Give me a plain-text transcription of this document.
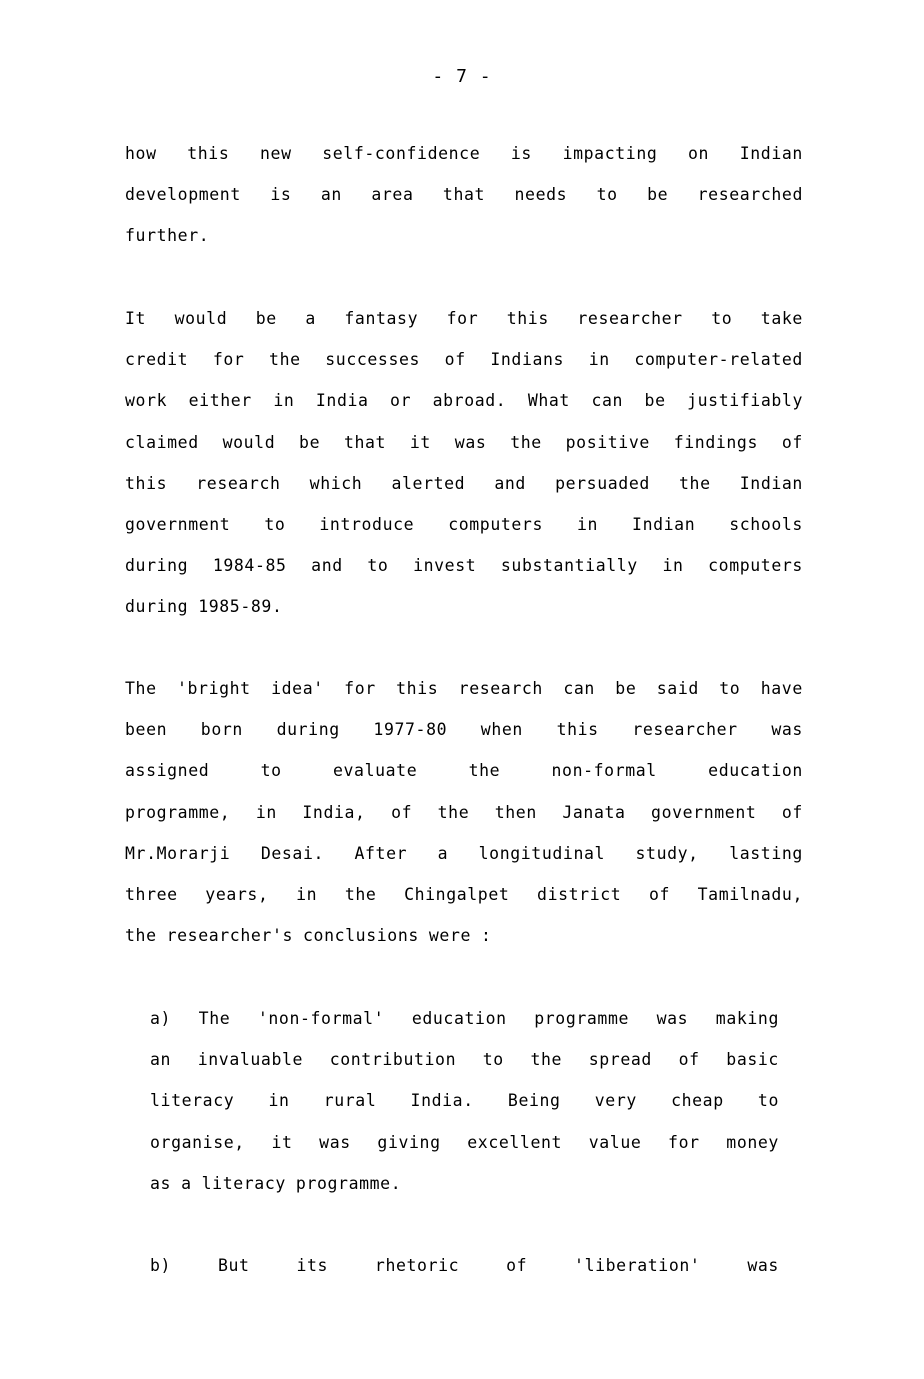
- 7 -
how this new self-confidence is impacting on Indian
development is an area that needs to be researched
further.
It would be a fantasy for this researcher to take
credit for the successes of Indians in computer-related
work either in India or abroad. What can be justifiably
claimed would be that it was the positive findings of
this research which alerted and persuaded the Indian
government to introduce computers in Indian schools
during 1984-85 and to invest substantially in computers
during 1985-89.
The 'bright idea' for this research can be said to have
been born during 1977-80 when this researcher was
assigned	to	evaluate	the	non-formal	education
programme, in India, of the then Janata government of
Mr.Morarji Desai. After a longitudinal study, lasting
three years, in the Chingalpet district of Tamilnadu,
the researcher's conclusions were :
a) The 'non-formal' education programme was making
an invaluable contribution to the spread of basic
literacy in rural India. Being very cheap to
organise, it was giving excellent value for money
as a literacy programme.
b)	But	its	rhetoric	of	'liberation'	was
